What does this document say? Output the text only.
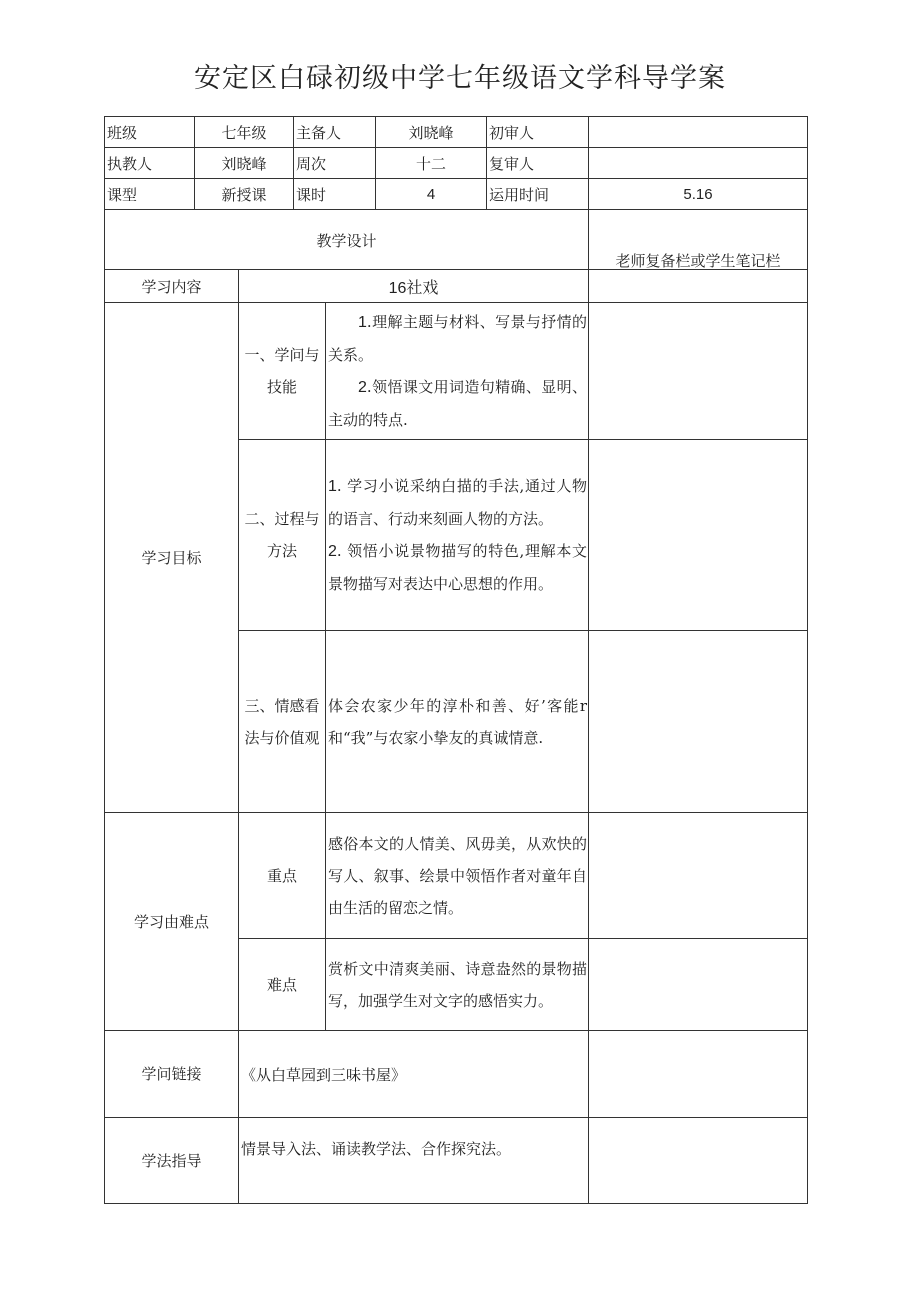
安定区白碌初级中学七年级语文学科导学案
班级	七年级		主备人		刘晓峰	初审人	
执教人	刘晓峰		周次		十二	复审人	
课型	新授课		课时		4	运用时间	5.16

教学设计							老师复备栏或学生笔记栏

学习内容		16社戏					
学习目标		一、学问与技能		1.理解主题与材料、写景与抒情的关系。
2.领悟课文用词造句精确、显明、主动的特点.			

		二、过程与方法		1. 学习小说采纳白描的手法,通过人物的语言、行动来刻画人物的方法。
2. 领悟小说景物描写的特色,理解本文景物描写对表达中心思想的作用。			

		三、情感看法与价值观		体会农家少年的淳朴和善、好’客能r和“我”与农家小挚友的真诚情意.			
学习由难点		重点		感俗本文的人情美、风毋美，从欢快的写人、叙事、绘景中领悟作者对童年自由生活的留恋之情。			
		难点		赏析文中清爽美丽、诗意盎然的景物描写，加强学生对文字的感悟实力。			
学问链接		《从白草园到三味书屋》					
学法指导		情景导入法、诵读教学法、合作探究法。					
